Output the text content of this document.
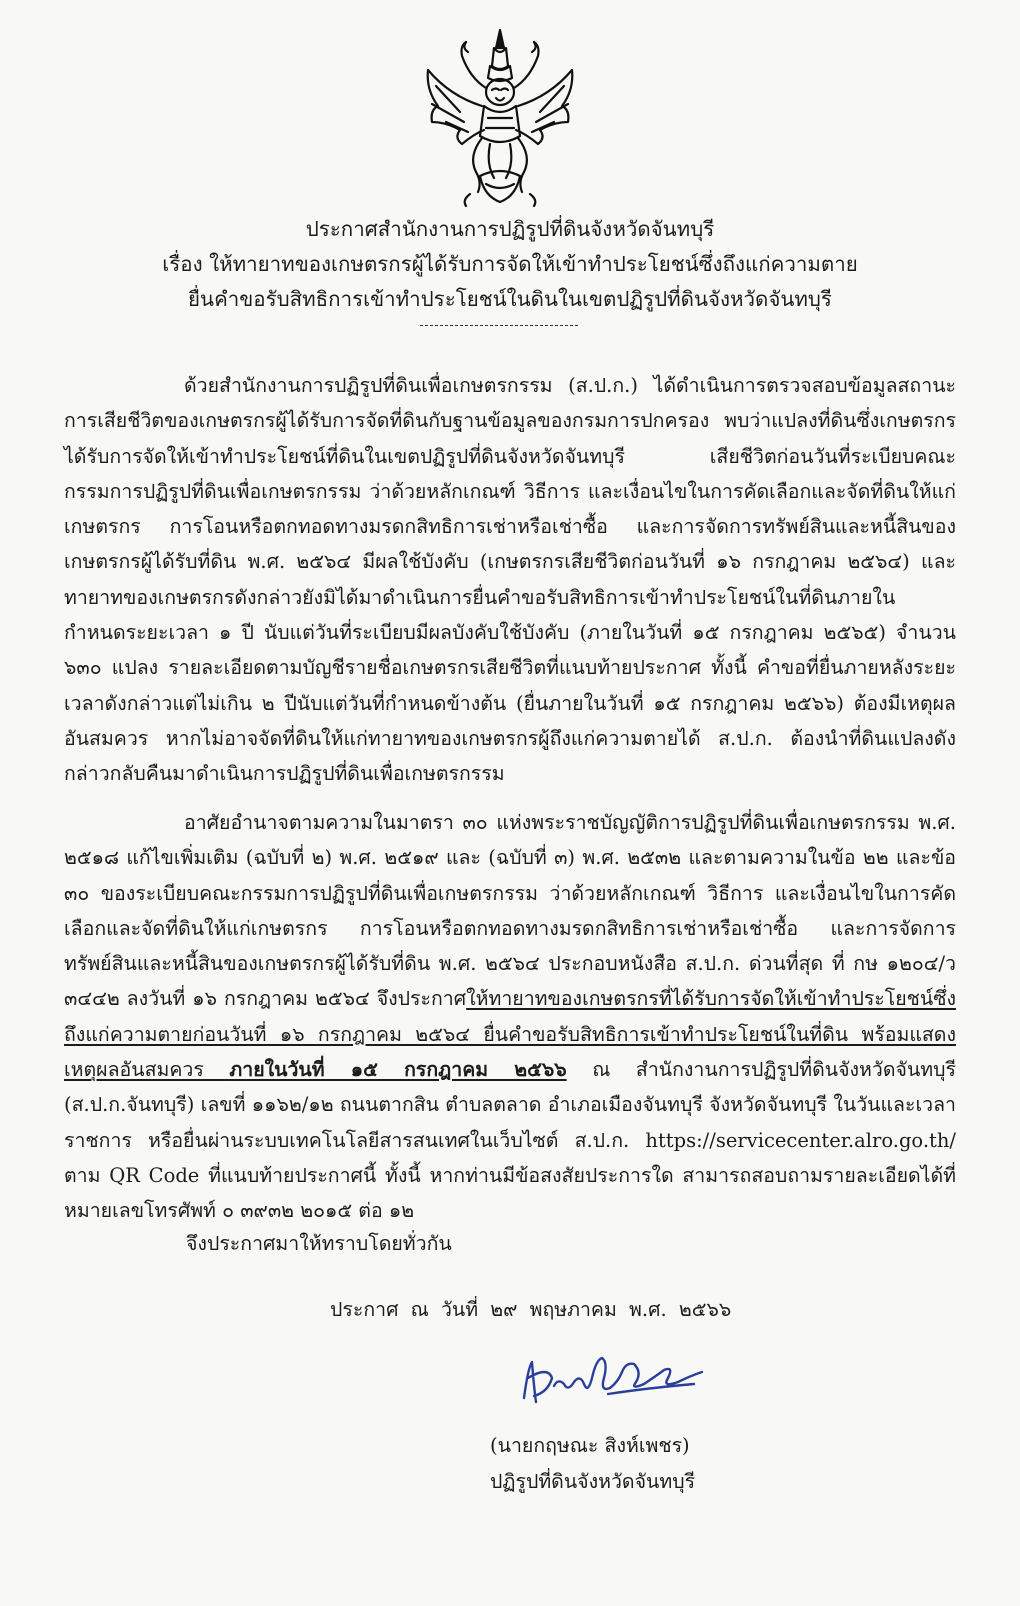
ประกาศสำนักงานการปฏิรูปที่ดินจังหวัดจันทบุรี
เรื่อง ให้ทายาทของเกษตรกรผู้ได้รับการจัดให้เข้าทำประโยชน์ซึ่งถึงแก่ความตาย
ยื่นคำขอรับสิทธิการเข้าทำประโยชน์ในดินในเขตปฏิรูปที่ดินจังหวัดจันทบุรี
ด้วยสำนักงานการปฏิรูปที่ดินเพื่อเกษตรกรรม (ส.ป.ก.) ได้ดำเนินการตรวจสอบข้อมูลสถานะการเสียชีวิตของเกษตรกรผู้ได้รับการจัดที่ดินกับฐานข้อมูลของกรมการปกครอง พบว่าแปลงที่ดินซึ่งเกษตรกรได้รับการจัดให้เข้าทำประโยชน์ที่ดินในเขตปฏิรูปที่ดินจังหวัดจันทบุรี เสียชีวิตก่อนวันที่ระเบียบคณะกรรมการปฏิรูปที่ดินเพื่อเกษตรกรรม ว่าด้วยหลักเกณฑ์ วิธีการ และเงื่อนไขในการคัดเลือกและจัดที่ดินให้แก่เกษตรกร การโอนหรือตกทอดทางมรดกสิทธิการเช่าหรือเช่าซื้อ และการจัดการทรัพย์สินและหนี้สินของเกษตรกรผู้ได้รับที่ดิน พ.ศ. ๒๕๖๔ มีผลใช้บังคับ (เกษตรกรเสียชีวิตก่อนวันที่ ๑๖ กรกฎาคม ๒๕๖๔) และทายาทของเกษตรกรดังกล่าวยังมิได้มาดำเนินการยื่นคำขอรับสิทธิการเข้าทำประโยชน์ในที่ดินภายในกำหนดระยะเวลา ๑ ปี นับแต่วันที่ระเบียบมีผลบังคับใช้บังคับ (ภายในวันที่ ๑๕ กรกฎาคม ๒๕๖๕) จำนวน ๖๓๐ แปลง รายละเอียดตามบัญชีรายชื่อเกษตรกรเสียชีวิตที่แนบท้ายประกาศ ทั้งนี้ คำขอที่ยื่นภายหลังระยะเวลาดังกล่าวแต่ไม่เกิน ๒ ปีนับแต่วันที่กำหนดข้างต้น (ยื่นภายในวันที่ ๑๕ กรกฎาคม ๒๕๖๖) ต้องมีเหตุผลอันสมควร หากไม่อาจจัดที่ดินให้แก่ทายาทของเกษตรกรผู้ถึงแก่ความตายได้ ส.ป.ก. ต้องนำที่ดินแปลงดังกล่าวกลับคืนมาดำเนินการปฏิรูปที่ดินเพื่อเกษตรกรรม
อาศัยอำนาจตามความในมาตรา ๓๐ แห่งพระราชบัญญัติการปฏิรูปที่ดินเพื่อเกษตรกรรม พ.ศ. ๒๕๑๘ แก้ไขเพิ่มเติม (ฉบับที่ ๒) พ.ศ. ๒๕๑๙ และ (ฉบับที่ ๓) พ.ศ. ๒๕๓๒ และตามความในข้อ ๒๒ และข้อ ๓๐ ของระเบียบคณะกรรมการปฏิรูปที่ดินเพื่อเกษตรกรรม ว่าด้วยหลักเกณฑ์ วิธีการ และเงื่อนไขในการคัดเลือกและจัดที่ดินให้แก่เกษตรกร การโอนหรือตกทอดทางมรดกสิทธิการเช่าหรือเช่าซื้อ และการจัดการทรัพย์สินและหนี้สินของเกษตรกรผู้ได้รับที่ดิน พ.ศ. ๒๕๖๔ ประกอบหนังสือ ส.ป.ก. ด่วนที่สุด ที่ กษ ๑๒๐๔/ว ๓๔๔๒ ลงวันที่ ๑๖ กรกฎาคม ๒๕๖๔ จึงประกาศให้ทายาทของเกษตรกรที่ได้รับการจัดให้เข้าทำประโยชน์ซึ่งถึงแก่ความตายก่อนวันที่ ๑๖ กรกฎาคม ๒๕๖๔ ยื่นคำขอรับสิทธิการเข้าทำประโยชน์ในที่ดิน พร้อมแสดงเหตุผลอันสมควร ภายในวันที่ ๑๕ กรกฎาคม ๒๕๖๖ ณ สำนักงานการปฏิรูปที่ดินจังหวัดจันทบุรี (ส.ป.ก.จันทบุรี) เลขที่ ๑๑๖๒/๑๒ ถนนตากสิน ตำบลตลาด อำเภอเมืองจันทบุรี จังหวัดจันทบุรี ในวันและเวลาราชการ หรือยื่นผ่านระบบเทคโนโลยีสารสนเทศในเว็บไซต์ ส.ป.ก. https://servicecenter.alro.go.th/ ตาม QR Code ที่แนบท้ายประกาศนี้ ทั้งนี้ หากท่านมีข้อสงสัยประการใด สามารถสอบถามรายละเอียดได้ที่หมายเลขโทรศัพท์ ๐ ๓๙๓๒ ๒๐๑๕ ต่อ ๑๒
จึงประกาศมาให้ทราบโดยทั่วกัน
ประกาศ ณ วันที่ ๒๙ พฤษภาคม พ.ศ. ๒๕๖๖
(นายกฤษณะ สิงห์เพชร)
ปฏิรูปที่ดินจังหวัดจันทบุรี
